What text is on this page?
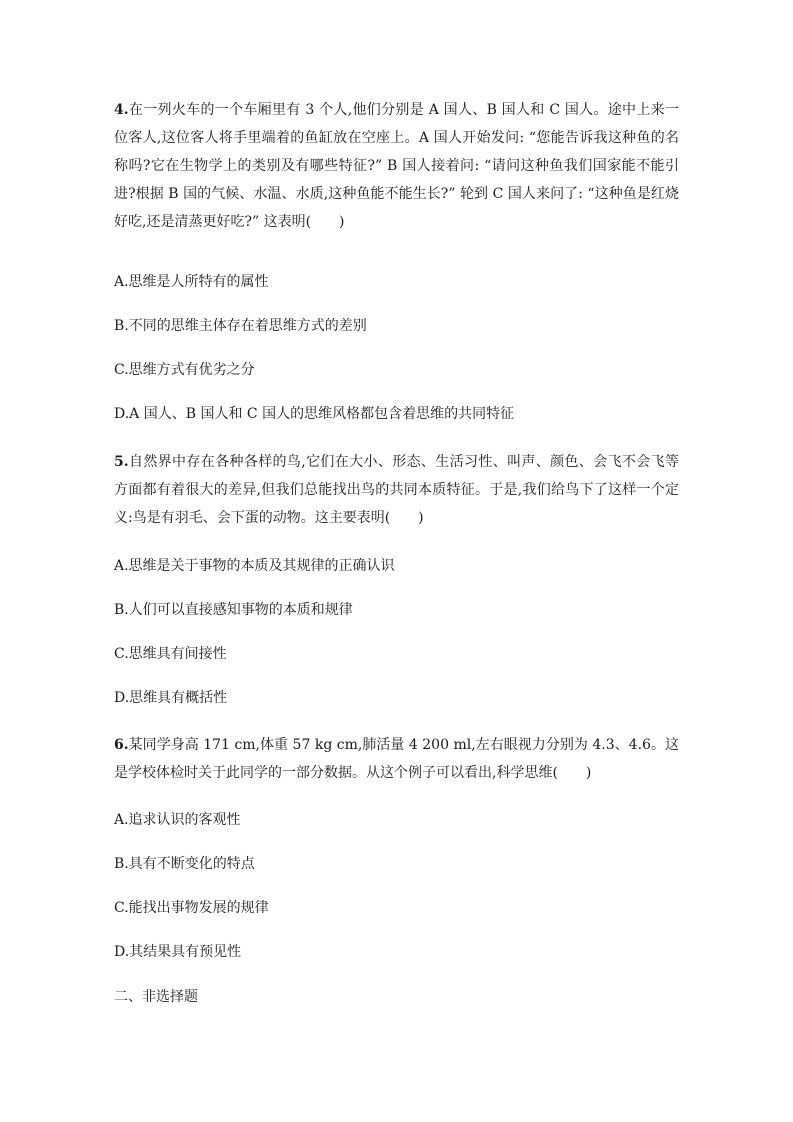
4.在一列火车的一个车厢里有 3 个人,他们分别是 A 国人、B 国人和 C 国人。途中上来一位客人,这位客人将手里端着的鱼缸放在空座上。A 国人开始发问: “您能告诉我这种鱼的名称吗?它在生物学上的类别及有哪些特征?” B 国人接着问: “请问这种鱼我们国家能不能引进?根据 B 国的气候、水温、水质,这种鱼能不能生长?” 轮到 C 国人来问了: “这种鱼是红烧好吃,还是清蒸更好吃?” 这表明(　　)

A.思维是人所特有的属性

B.不同的思维主体存在着思维方式的差别

C.思维方式有优劣之分

D.A 国人、B 国人和 C 国人的思维风格都包含着思维的共同特征

5.自然界中存在各种各样的鸟,它们在大小、形态、生活习性、叫声、颜色、会飞不会飞等方面都有着很大的差异,但我们总能找出鸟的共同本质特征。于是,我们给鸟下了这样一个定义:鸟是有羽毛、会下蛋的动物。这主要表明(　　)

A.思维是关于事物的本质及其规律的正确认识

B.人们可以直接感知事物的本质和规律

C.思维具有间接性

D.思维具有概括性

6.某同学身高 171 cm,体重 57 kg cm,肺活量 4 200 ml,左右眼视力分别为 4.3、4.6。这是学校体检时关于此同学的一部分数据。从这个例子可以看出,科学思维(　　)

A.追求认识的客观性

B.具有不断变化的特点

C.能找出事物发展的规律

D.其结果具有预见性

二、非选择题
